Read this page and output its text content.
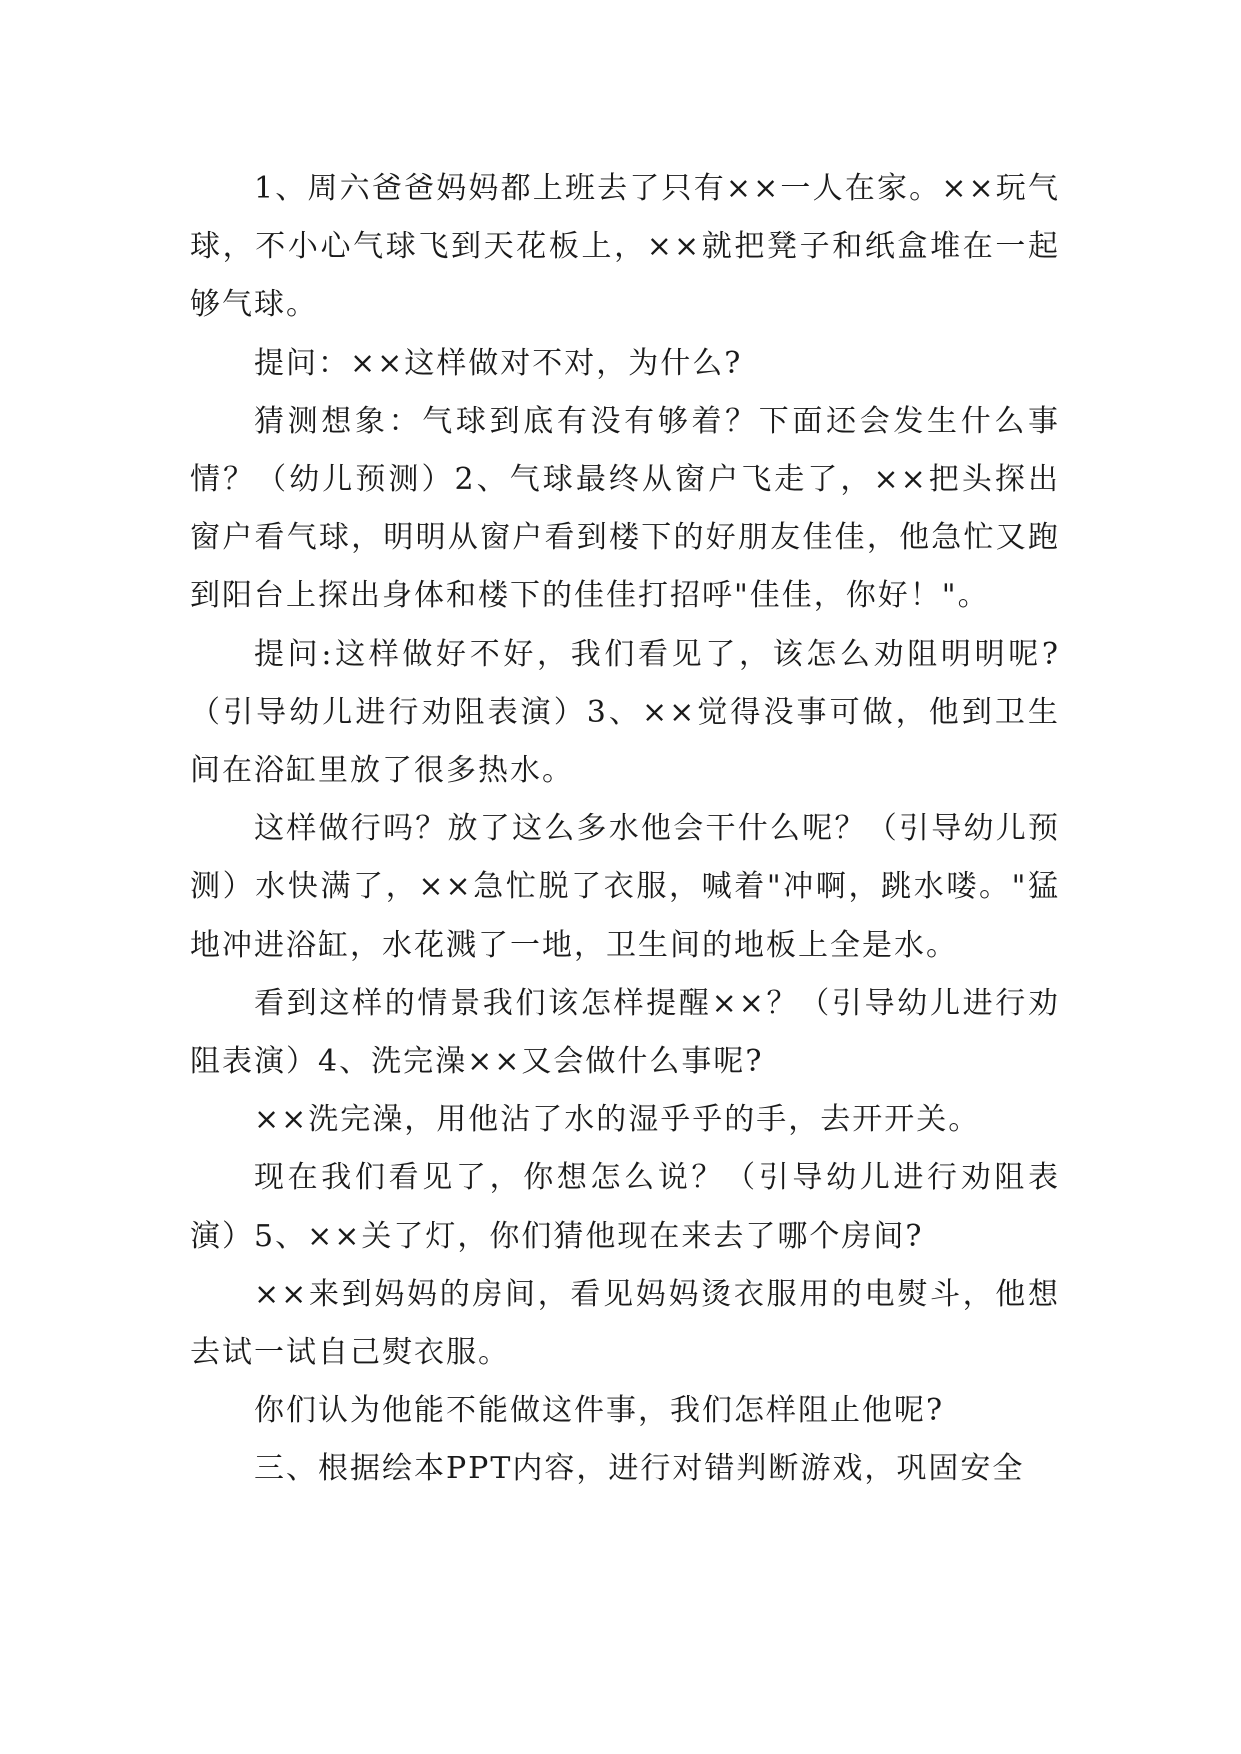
1、周六爸爸妈妈都上班去了只有××一人在家。××玩气球，不小心气球飞到天花板上，××就把凳子和纸盒堆在一起够气球。

提问：××这样做对不对，为什么?

猜测想象：气球到底有没有够着？下面还会发生什么事情？（幼儿预测）2、气球最终从窗户飞走了，××把头探出窗户看气球，明明从窗户看到楼下的好朋友佳佳，他急忙又跑到阳台上探出身体和楼下的佳佳打招呼"佳佳，你好！"。

提问:这样做好不好，我们看见了，该怎么劝阻明明呢?（引导幼儿进行劝阻表演）3、××觉得没事可做，他到卫生间在浴缸里放了很多热水。

这样做行吗？放了这么多水他会干什么呢？（引导幼儿预测）水快满了，××急忙脱了衣服，喊着"冲啊，跳水喽。"猛地冲进浴缸，水花溅了一地，卫生间的地板上全是水。

看到这样的情景我们该怎样提醒××？（引导幼儿进行劝阻表演）4、洗完澡××又会做什么事呢?

××洗完澡，用他沾了水的湿乎乎的手，去开开关。

现在我们看见了，你想怎么说？（引导幼儿进行劝阻表演）5、××关了灯，你们猜他现在来去了哪个房间?

××来到妈妈的房间，看见妈妈烫衣服用的电熨斗，他想去试一试自己熨衣服。

你们认为他能不能做这件事，我们怎样阻止他呢?

三、根据绘本PPT内容，进行对错判断游戏，巩固安全
